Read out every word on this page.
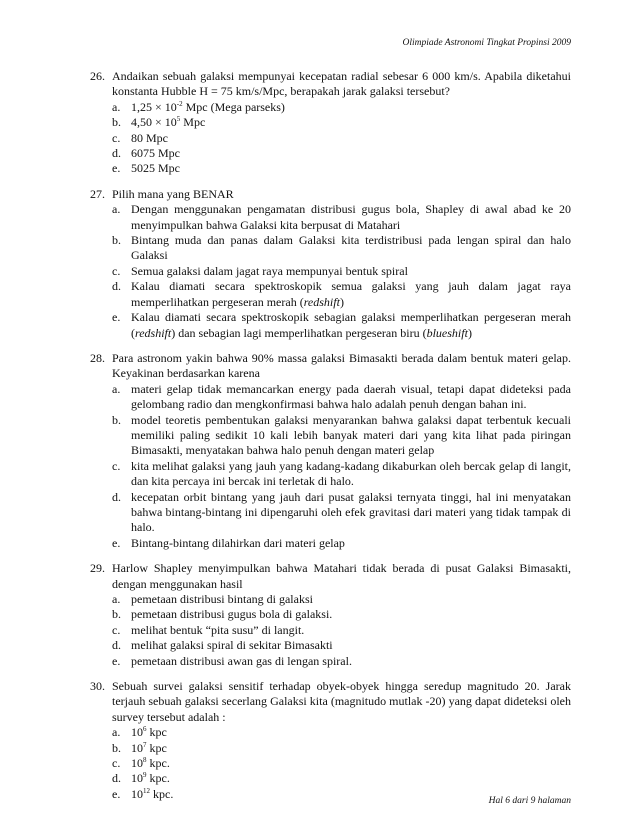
Olimpiade Astronomi Tingkat Propinsi 2009
26. Andaikan sebuah galaksi mempunyai kecepatan radial sebesar 6 000 km/s. Apabila diketahui konstanta Hubble H = 75 km/s/Mpc, berapakah jarak galaksi tersebut?
a. $1,25 \times 10^{-2}$ Mpc (Mega parseks)
b. $4,50 \times 10^5$ Mpc
c. 80 Mpc
d. 6075 Mpc
e. 5025 Mpc
27. Pilih mana yang BENAR
a. Dengan menggunakan pengamatan distribusi gugus bola, Shapley di awal abad ke 20 menyimpulkan bahwa Galaksi kita berpusat di Matahari
b. Bintang muda dan panas dalam Galaksi kita terdistribusi pada lengan spiral dan halo Galaksi
c. Semua galaksi dalam jagat raya mempunyai bentuk spiral
d. Kalau diamati secara spektroskopik semua galaksi yang jauh dalam jagat raya memperlihatkan pergeseran merah (redshift)
e. Kalau diamati secara spektroskopik sebagian galaksi memperlihatkan pergeseran merah (redshift) dan sebagian lagi memperlihatkan pergeseran biru (blueshift)
28. Para astronom yakin bahwa 90% massa galaksi Bimasakti berada dalam bentuk materi gelap. Keyakinan berdasarkan karena
a. materi gelap tidak memancarkan energy pada daerah visual, tetapi dapat dideteksi pada gelombang radio dan mengkonfirmasi bahwa halo adalah penuh dengan bahan ini.
b. model teoretis pembentukan galaksi menyarankan bahwa galaksi dapat terbentuk kecuali memiliki paling sedikit 10 kali lebih banyak materi dari yang kita lihat pada piringan Bimasakti, menyatakan bahwa halo penuh dengan materi gelap
c. kita melihat galaksi yang jauh yang kadang-kadang dikaburkan oleh bercak gelap di langit, dan kita percaya ini bercak ini terletak di halo.
d. kecepatan orbit bintang yang jauh dari pusat galaksi ternyata tinggi, hal ini menyatakan bahwa bintang-bintang ini dipengaruhi oleh efek gravitasi dari materi yang tidak tampak di halo.
e. Bintang-bintang dilahirkan dari materi gelap
29. Harlow Shapley menyimpulkan bahwa Matahari tidak berada di pusat Galaksi Bimasakti, dengan menggunakan hasil
a. pemetaan distribusi bintang di galaksi
b. pemetaan distribusi gugus bola di galaksi.
c. melihat bentuk “pita susu” di langit.
d. melihat galaksi spiral di sekitar Bimasakti
e. pemetaan distribusi awan gas di lengan spiral.
30. Sebuah survei galaksi sensitif terhadap obyek-obyek hingga seredup magnitudo 20. Jarak terjauh sebuah galaksi secerlang Galaksi kita (magnitudo mutlak -20) yang dapat dideteksi oleh survey tersebut adalah :
a. $10^6$ kpc
b. $10^7$ kpc
c. $10^8$ kpc.
d. $10^9$ kpc.
e. $10^{12}$ kpc.
Hal 6 dari 9 halaman
